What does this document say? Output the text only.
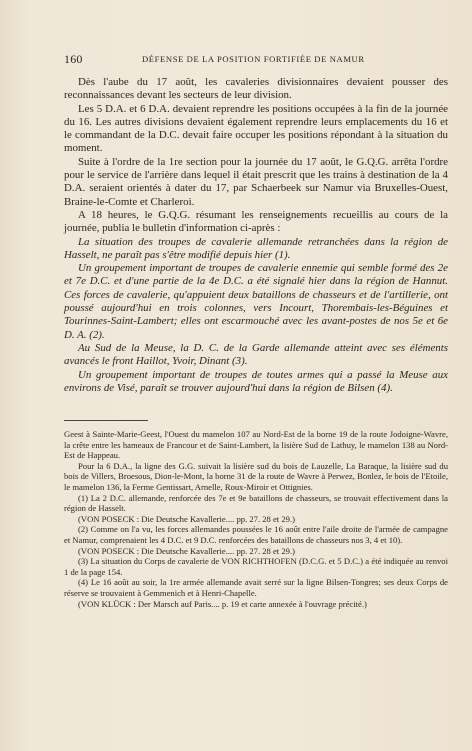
160	DÉFENSE DE LA POSITION FORTIFIÉE DE NAMUR

Dès l'aube du 17 août, les cavaleries divisionnaires devaient pousser des reconnaissances devant les secteurs de leur division.

Les 5 D.A. et 6 D.A. devaient reprendre les positions occupées à la fin de la journée du 16. Les autres divisions devaient également reprendre leurs emplacements du 16 et le commandant de la D.C. devait faire occuper les positions répondant à la situation du moment.

Suite à l'ordre de la 1re section pour la journée du 17 août, le G.Q.G. arrêta l'ordre pour le service de l'arrière dans lequel il était prescrit que les trains à destination de la 4 D.A. seraient orientés à dater du 17, par Schaerbeek sur Namur via Bruxelles-Ouest, Braine-le-Comte et Charleroi.

A 18 heures, le G.Q.G. résumant les renseignements recueillis au cours de la journée, publia le bulletin d'information ci-après :

La situation des troupes de cavalerie allemande retranchées dans la région de Hasselt, ne paraît pas s'être modifié depuis hier (1).

Un groupement important de troupes de cavalerie ennemie qui semble formé des 2e et 7e D.C. et d'une partie de la 4e D.C. a été signalé hier dans la région de Hannut. Ces forces de cavalerie, qu'appuient deux bataillons de chasseurs et de l'artillerie, ont poussé aujourd'hui en trois colonnes, vers Incourt, Thorembais-les-Béguines et Tourinnes-Saint-Lambert; elles ont escarmouché avec les avant-postes de nos 5e et 6e D. A. (2).

Au Sud de la Meuse, la D. C. de la Garde allemande atteint avec ses éléments avancés le front Haillot, Yvoir, Dinant (3).

Un groupement important de troupes de toutes armes qui a passé la Meuse aux environs de Visé, paraît se trouver aujourd'hui dans la région de Bilsen (4).

Geest à Sainte-Marie-Geest, l'Ouest du mamelon 107 au Nord-Est de la borne 19 de la route Jodoigne-Wavre, la crête entre les hameaux de Francour et de Saint-Lambert, la lisière Sud de Lathuy, le mamelon 138 au Nord-Est de Happeau.

Pour la 6 D.A., la ligne des G.G. suivait la lisière sud du bois de Lauzelle, La Baraque, la lisière sud du bois de Villers, Broesous, Dion-le-Mont, la borne 31 de la route de Wavre à Perwez, Bonlez, le bois de l'Etoile, le mamelon 136, la Ferme Gentissart, Arnelle, Roux-Miroir et Ottignies.

(1) La 2 D.C. allemande, renforcée des 7e et 9e bataillons de chasseurs, se trouvait effectivement dans la région de Hasselt.

(VON POSECK : Die Deutsche Kavallerie.... pp. 27. 28 et 29.)

(2) Comme on l'a vu, les forces allemandes poussées le 16 août entre l'aile droite de l'armée de campagne et Namur, comprenaient les 4 D.C. et 9 D.C. renforcées des bataillons de chasseurs nos 3, 4 et 10).

(VON POSECK : Die Deutsche Kavallerie.... pp. 27. 28 et 29.)

(3) La situation du Corps de cavalerie de VON RICHTHOFEN (D.C.G. et 5 D.C.) a été indiquée au renvoi 1 de la page 154.

(4) Le 16 août au soir, la 1re armée allemande avait serré sur la ligne Bilsen-Tongres; ses deux Corps de réserve se trouvaient à Gemmenich et à Henri-Chapelle.

(VON KLÜCK : Der Marsch auf Paris.... p. 19 et carte annexée à l'ouvrage précité.)
